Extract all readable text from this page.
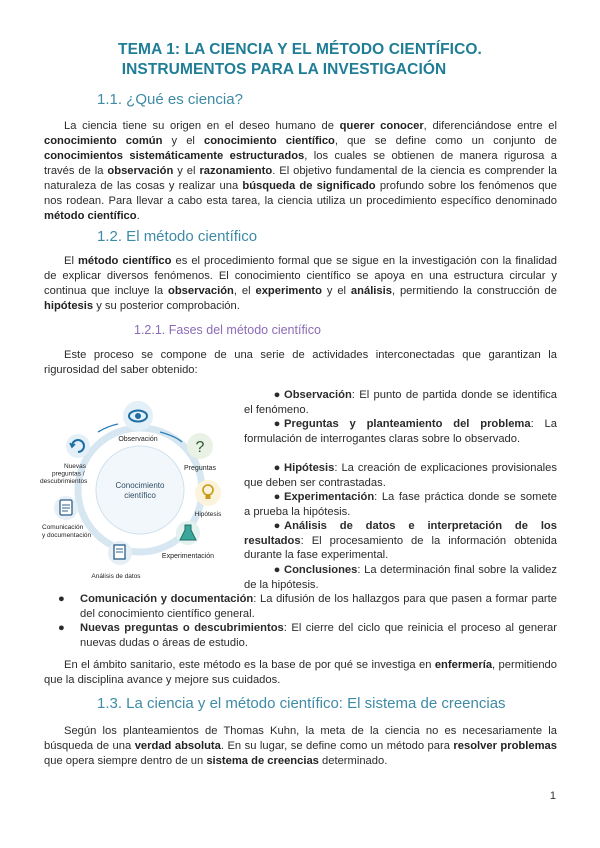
TEMA 1: LA CIENCIA Y EL MÉTODO CIENTÍFICO.
INSTRUMENTOS PARA LA INVESTIGACIÓN
1.1. ¿Qué es ciencia?
La ciencia tiene su origen en el deseo humano de querer conocer, diferenciándose entre el conocimiento común y el conocimiento científico, que se define como un conjunto de conocimientos sistemáticamente estructurados, los cuales se obtienen de manera rigurosa a través de la observación y el razonamiento. El objetivo fundamental de la ciencia es comprender la naturaleza de las cosas y realizar una búsqueda de significado profundo sobre los fenómenos que nos rodean. Para llevar a cabo esta tarea, la ciencia utiliza un procedimiento específico denominado método científico.
1.2. El método científico
El método científico es el procedimiento formal que se sigue en la investigación con la finalidad de explicar diversos fenómenos. El conocimiento científico se apoya en una estructura circular y continua que incluye la observación, el experimento y el análisis, permitiendo la construcción de hipótesis y su posterior comprobación.
1.2.1. Fases del método científico
Este proceso se compone de una serie de actividades interconectadas que garantizan la rigurosidad del saber obtenido:
Conocimiento científico
Observación ?
Preguntas
Hipótesis
Experimentación
Análisis de datos
Comunicación y documentación
Nuevas preguntas / descubrimientos
● Observación: El punto de partida donde se identifica el fenómeno.
● Preguntas y planteamiento del problema: La formulación de interrogantes claras sobre lo observado.
● Hipótesis: La creación de explicaciones provisionales que deben ser contrastadas.
● Experimentación: La fase práctica donde se somete a prueba la hipótesis.
● Análisis de datos e interpretación de los resultados: El procesamiento de la información obtenida durante la fase experimental.
● Conclusiones: La determinación final sobre la validez de la hipótesis.
● Comunicación y documentación: La difusión de los hallazgos para que pasen a formar parte del conocimiento científico general.
● Nuevas preguntas o descubrimientos: El cierre del ciclo que reinicia el proceso al generar nuevas dudas o áreas de estudio.
En el ámbito sanitario, este método es la base de por qué se investiga en enfermería, permitiendo que la disciplina avance y mejore sus cuidados.
1.3. La ciencia y el método científico: El sistema de creencias
Según los planteamientos de Thomas Kuhn, la meta de la ciencia no es necesariamente la búsqueda de una verdad absoluta. En su lugar, se define como un método para resolver problemas que opera siempre dentro de un sistema de creencias determinado.
1
